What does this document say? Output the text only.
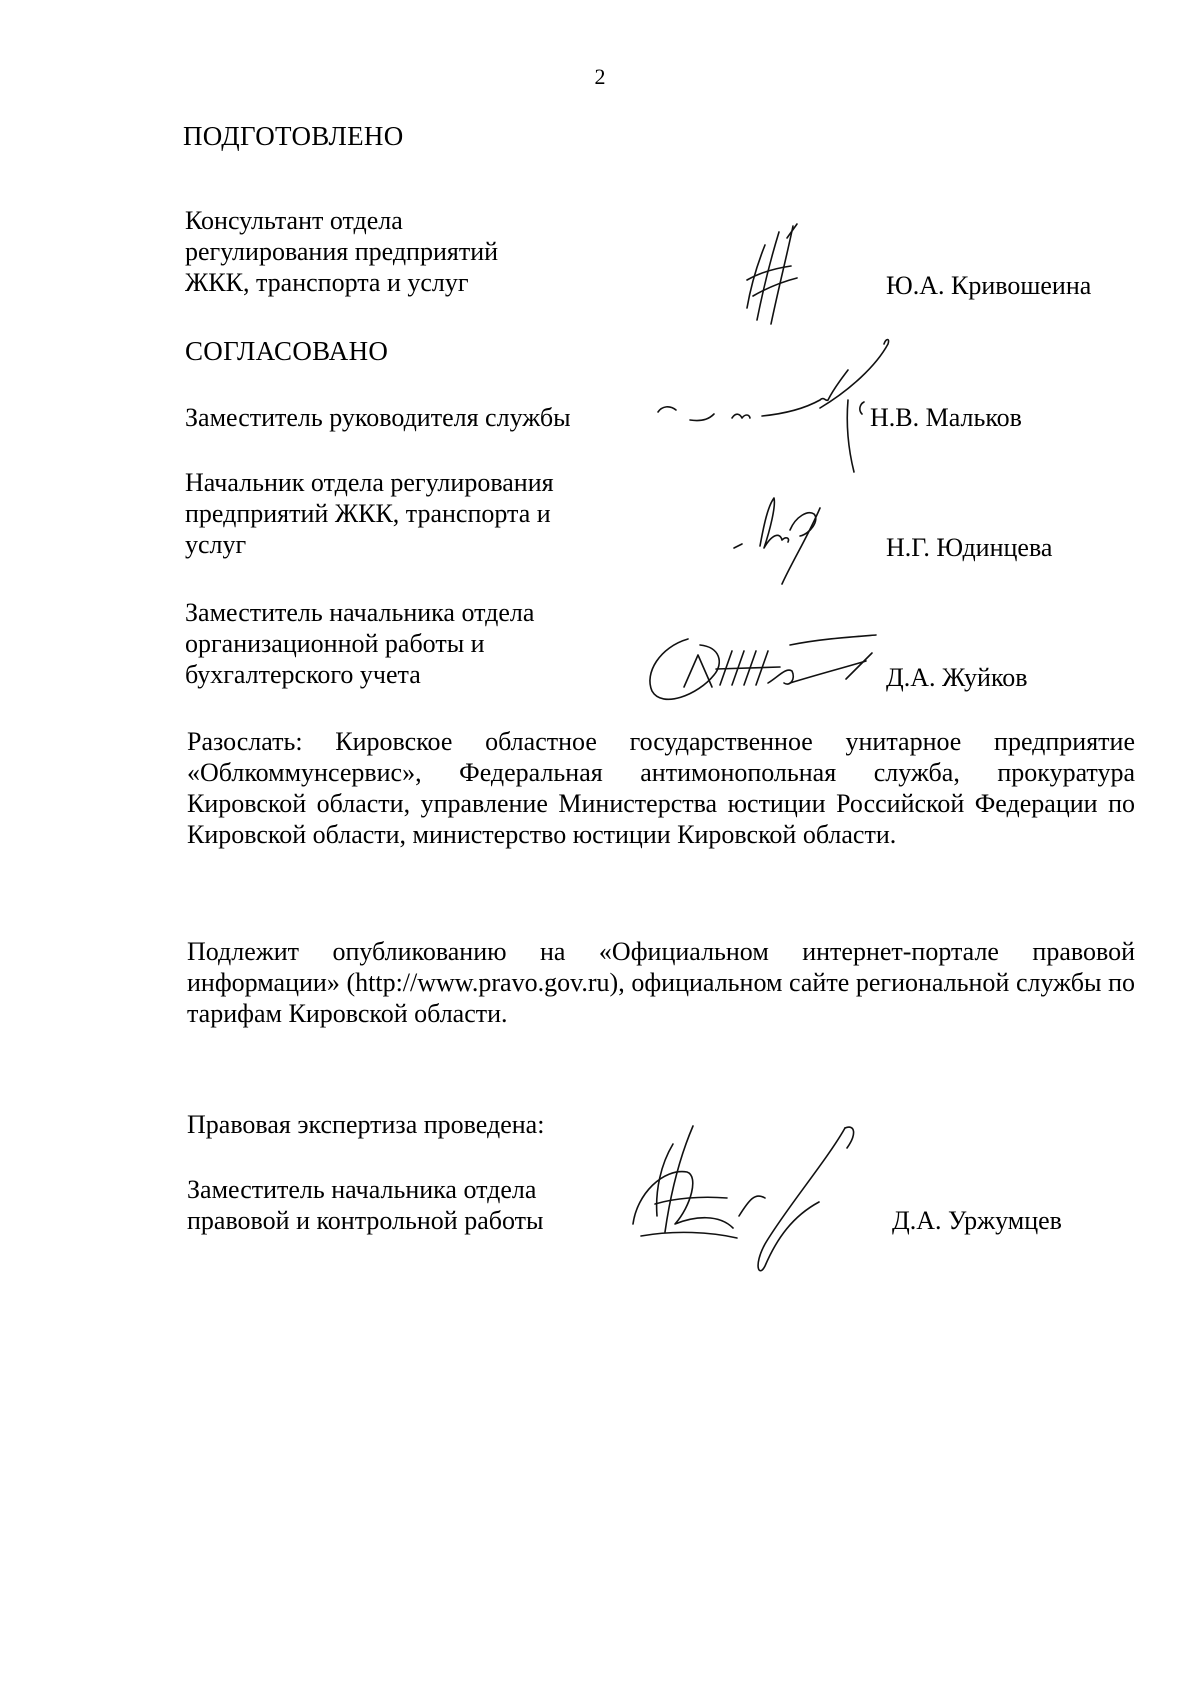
2
ПОДГОТОВЛЕНО
Консультант отдела
регулирования предприятий
ЖКК, транспорта и услуг	Ю.А. Кривошеина
СОГЛАСОВАНО
Заместитель руководителя службы	Н.В. Мальков
Начальник отдела регулирования
предприятий ЖКК, транспорта и
услуг	Н.Г. Юдинцева
Заместитель начальника отдела
организационной работы и
бухгалтерского учета	Д.А. Жуйков
Разослать: Кировское областное государственное унитарное предприятие «Облкоммунсервис», Федеральная антимонопольная служба, прокуратура Кировской области, управление Министерства юстиции Российской Федерации по Кировской области, министерство юстиции Кировской области.
Подлежит опубликованию на «Официальном интернет-портале правовой информации» (http://www.pravo.gov.ru), официальном сайте региональной службы по тарифам Кировской области.
Правовая экспертиза проведена:
Заместитель начальника отдела
правовой и контрольной работы	Д.А. Уржумцев
